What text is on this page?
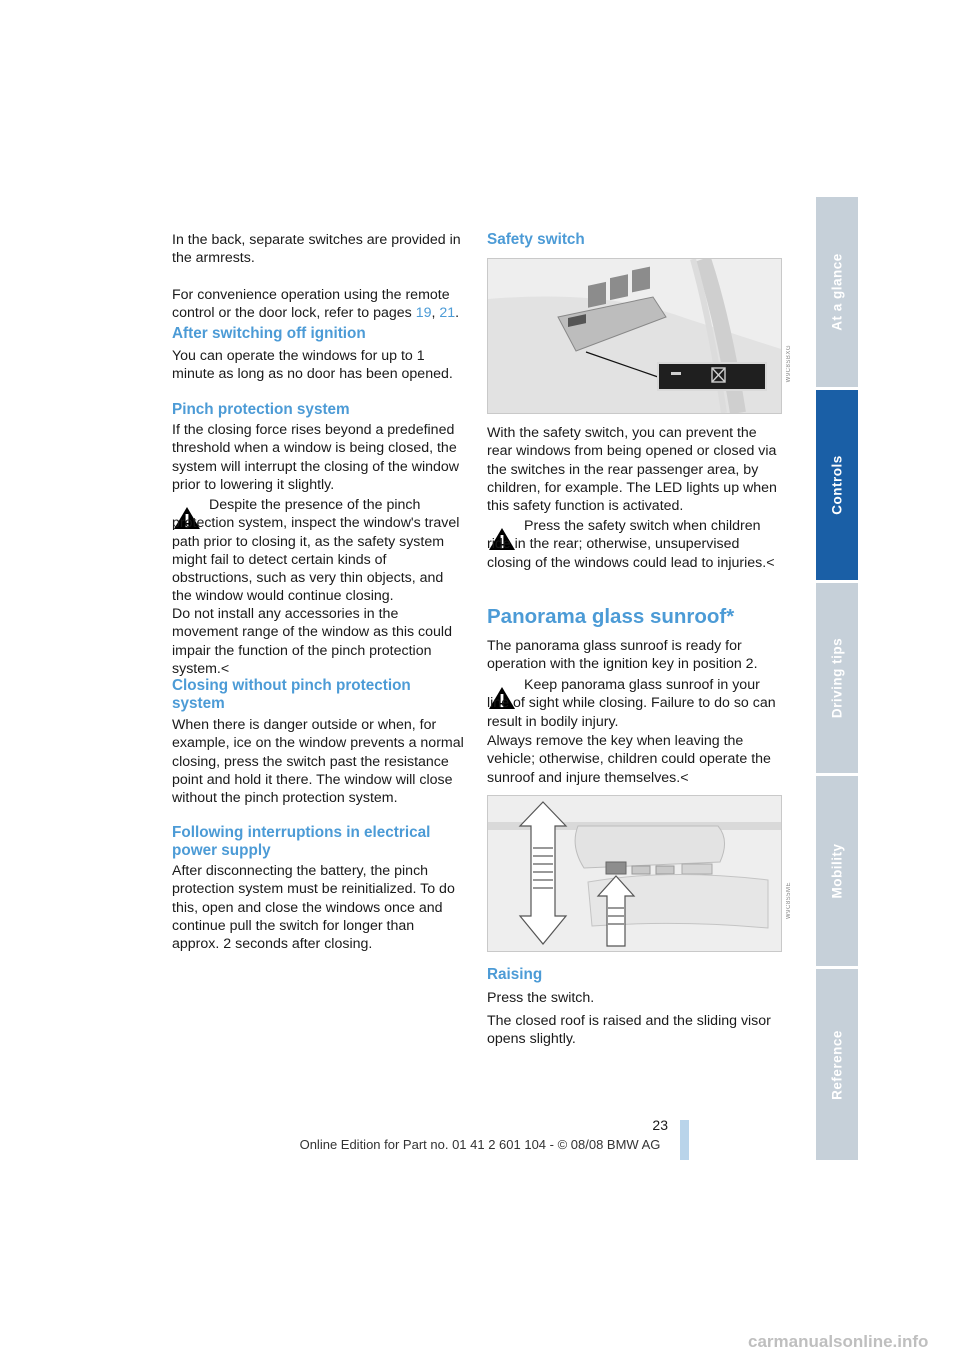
In the back, separate switches are provided in the armrests.

For convenience operation using the remote control or the door lock, refer to pages 19, 21.

After switching off ignition

You can operate the windows for up to 1 minute as long as no door has been opened.

Pinch protection system

If the closing force rises beyond a predefined threshold when a window is being closed, the system will interrupt the closing of the window prior to lowering it slightly.

Despite the presence of the pinch protection system, inspect the window's travel path prior to closing it, as the safety system might fail to detect certain kinds of obstructions, such as very thin objects, and the window would continue closing.

Do not install any accessories in the movement range of the window as this could impair the function of the pinch protection system.<

Closing without pinch protection system

When there is danger outside or when, for example, ice on the window prevents a normal closing, press the switch past the resistance point and hold it there. The window will close without the pinch protection system.

Following interruptions in electrical power supply

After disconnecting the battery, the pinch protection system must be reinitialized. To do this, open and close the windows once and continue pull the switch for longer than approx. 2 seconds after closing.

Safety switch
W9C8SBXG

With the safety switch, you can prevent the rear windows from being opened or closed via the switches in the rear passenger area, by children, for example. The LED lights up when this safety function is activated.

Press the safety switch when children ride in the rear; otherwise, unsupervised closing of the windows could lead to injuries.<

Panorama glass sunroof*

The panorama glass sunroof is ready for operation with the ignition key in position 2.

Keep panorama glass sunroof in your line of sight while closing. Failure to do so can result in bodily injury.

Always remove the key when leaving the vehicle; otherwise, children could operate the sunroof and injure themselves.<

W9C8S5ME
Raising

Press the switch.

The closed roof is raised and the sliding visor opens slightly.

At a glance
Controls
Driving tips
Mobility
Reference
23
Online Edition for Part no. 01 41 2 601 104 - © 08/08 BMW AG
carmanualsonline.info
